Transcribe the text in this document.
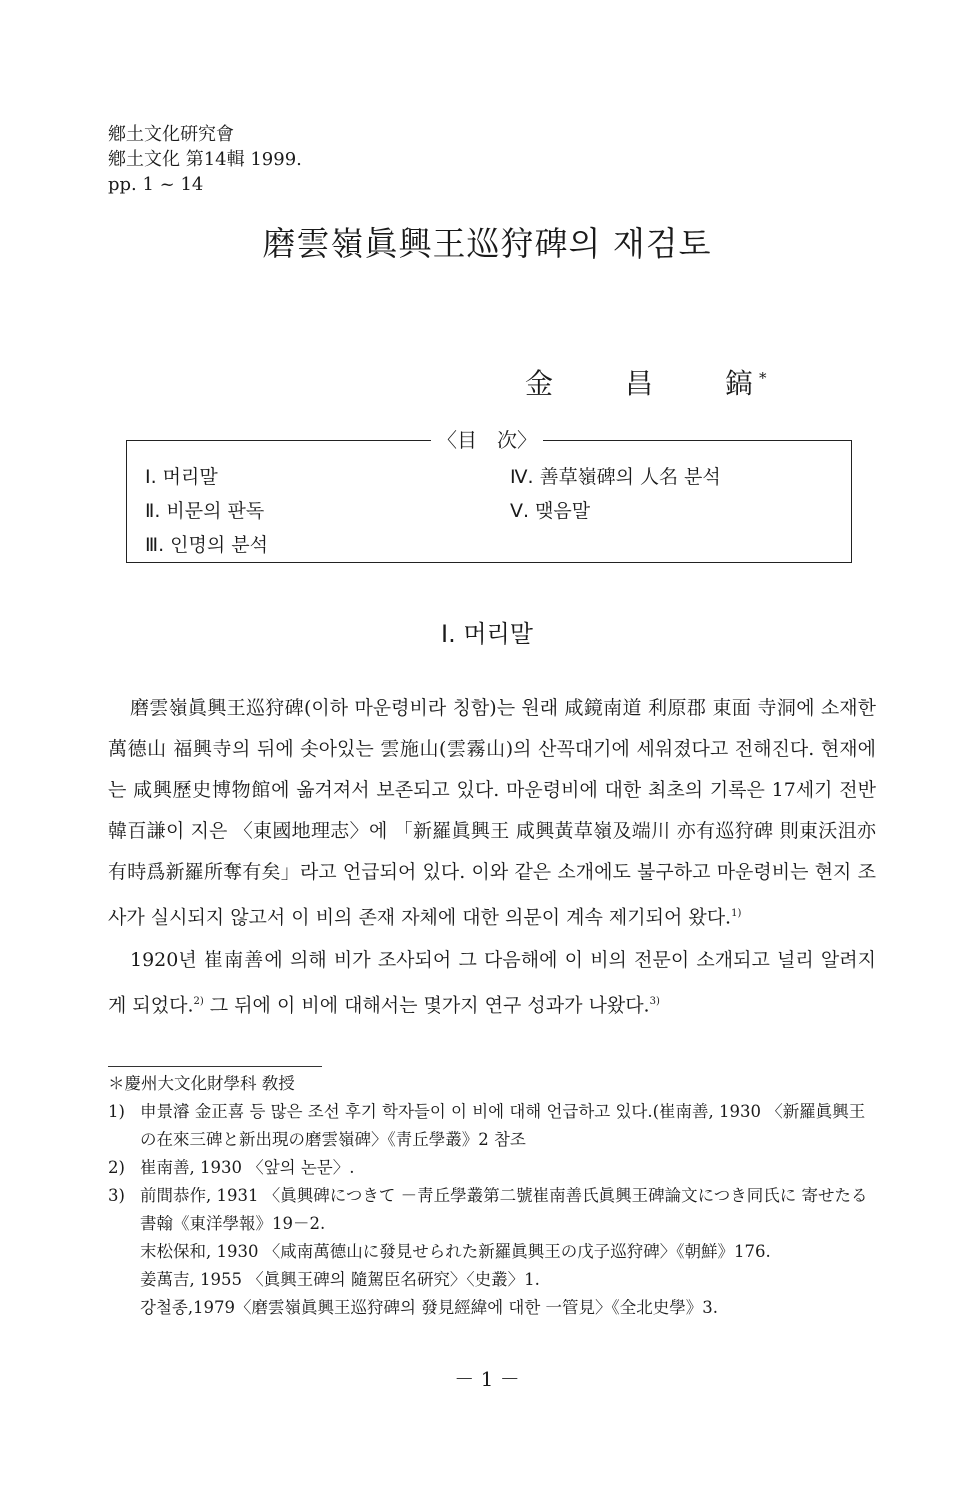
鄕土文化硏究會
鄕土文化 第14輯 1999.
pp. 1 ~ 14
磨雲嶺眞興王巡狩碑의 재검토
金	昌	鎬 *
〈目　次〉
Ⅰ. 머리말
Ⅱ. 비문의 판독
Ⅲ. 인명의 분석
Ⅳ. 善草嶺碑의 人名 분석
Ⅴ. 맺음말
Ⅰ. 머리말

磨雲嶺眞興王巡狩碑(이하 마운령비라 칭함)는 원래 咸鏡南道 利原郡 東面 寺洞에 소재한 萬德山 福興寺의 뒤에 솟아있는 雲施山(雲霧山)의 산꼭대기에 세워졌다고 전해진다. 현재에는 咸興歷史博物館에 옮겨져서 보존되고 있다. 마운령비에 대한 최초의 기록은 17세기 전반 韓百謙이 지은 〈東國地理志〉에 「新羅眞興王 咸興黃草嶺及端川 亦有巡狩碑 則東沃沮亦有時爲新羅所奪有矣」라고 언급되어 있다. 이와 같은 소개에도 불구하고 마운령비는 현지 조사가 실시되지 않고서 이 비의 존재 자체에 대한 의문이 계속 제기되어 왔다.$^{1)}$

1920년 崔南善에 의해 비가 조사되어 그 다음해에 이 비의 전문이 소개되고 널리 알려지게 되었다.$^{2)}$ 그 뒤에 이 비에 대해서는 몇가지 연구 성과가 나왔다.$^{3)}$

＊慶州大文化財學科 敎授
1) 申景濬 金正喜 등 많은 조선 후기 학자들이 이 비에 대해 언급하고 있다.(崔南善, 1930 〈新羅眞興王の在來三碑と新出現の磨雲嶺碑〉《靑丘學叢》2 참조
2) 崔南善, 1930 〈앞의 논문〉.
3) 前間恭作, 1931 〈眞興碑につきて －靑丘學叢第二號崔南善氏眞興王碑論文につき同氏に 寄せたる書翰《東洋學報》19－2.
末松保和, 1930 〈咸南萬德山に發見せられた新羅眞興王の戊子巡狩碑〉《朝鮮》176.
姜萬吉, 1955 〈眞興王碑의 隨駕臣名硏究〉〈史叢〉1.
강철종,1979〈磨雲嶺眞興王巡狩碑의 發見經緯에 대한 一管見〉《全北史學》3.
－ 1 －
